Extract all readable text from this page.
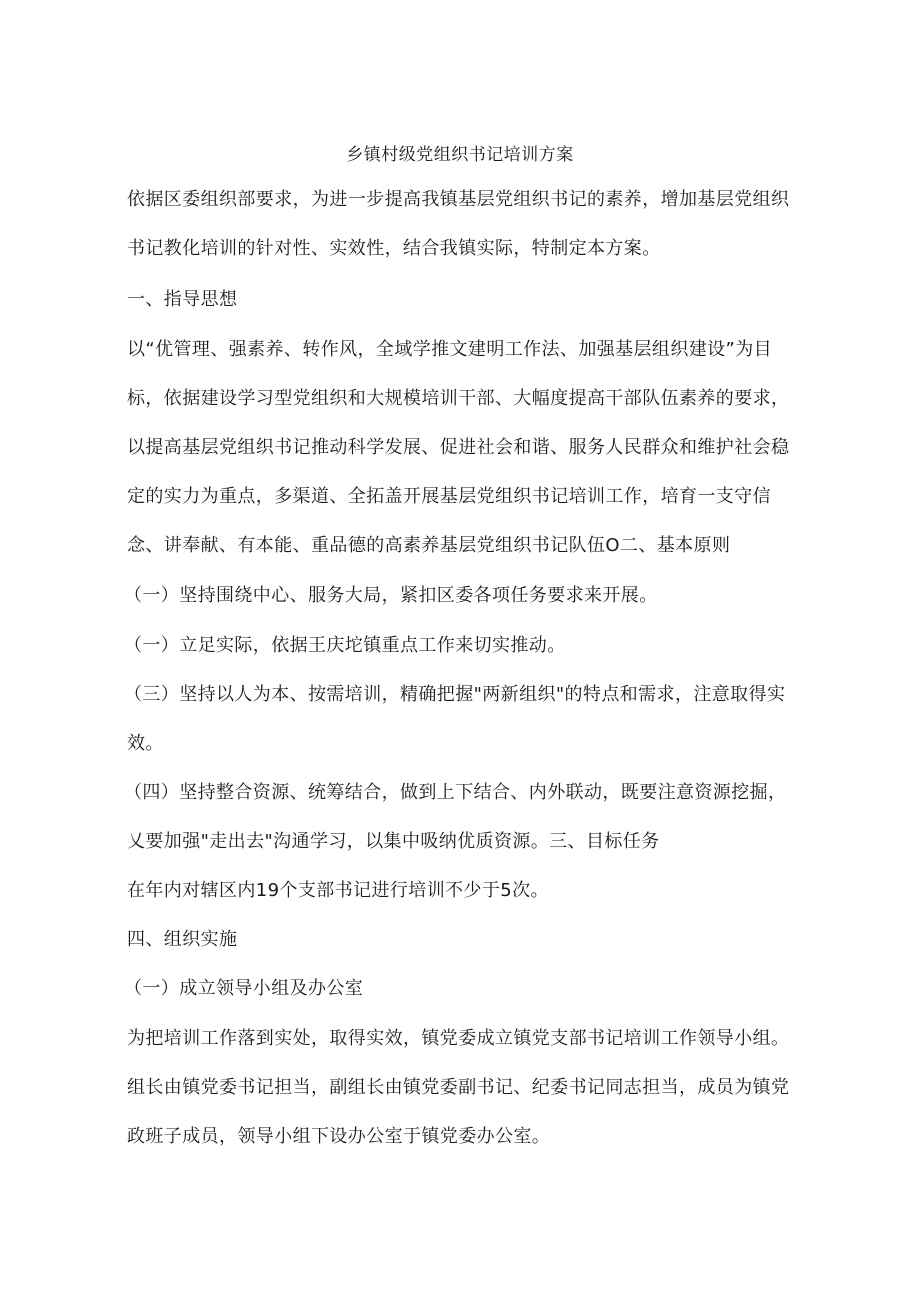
乡镇村级党组织书记培训方案
依据区委组织部要求，为进一步提高我镇基层党组织书记的素养，增加基层党组织
书记教化培训的针对性、实效性，结合我镇实际，特制定本方案。
一、指导思想
以“优管理、强素养、转作风，全域学推文建明工作法、加强基层组织建设”为目
标，依据建设学习型党组织和大规模培训干部、大幅度提高干部队伍素养的要求，
以提高基层党组织书记推动科学发展、促进社会和谐、服务人民群众和维护社会稳
定的实力为重点，多渠道、全拓盖开展基层党组织书记培训工作，培育一支守信
念、讲奉献、有本能、重品德的高素养基层党组织书记队伍O二、基本原则
（一）坚持围绕中心、服务大局，紧扣区委各项任务要求来开展。
（一）立足实际，依据王庆坨镇重点工作来切实推动。
（三）坚持以人为本、按需培训，精确把握"两新组织"的特点和需求，注意取得实
效。
（四）坚持整合资源、统筹结合，做到上下结合、内外联动，既要注意资源挖掘，
乂要加强"走出去"沟通学习，以集中吸纳优质资源。三、目标任务
在年内对辖区内19个支部书记进行培训不少于5次。
四、组织实施
（一）成立领导小组及办公室
为把培训工作落到实处，取得实效，镇党委成立镇党支部书记培训工作领导小组。
组长由镇党委书记担当，副组长由镇党委副书记、纪委书记同志担当，成员为镇党
政班子成员，领导小组下设办公室于镇党委办公室。
